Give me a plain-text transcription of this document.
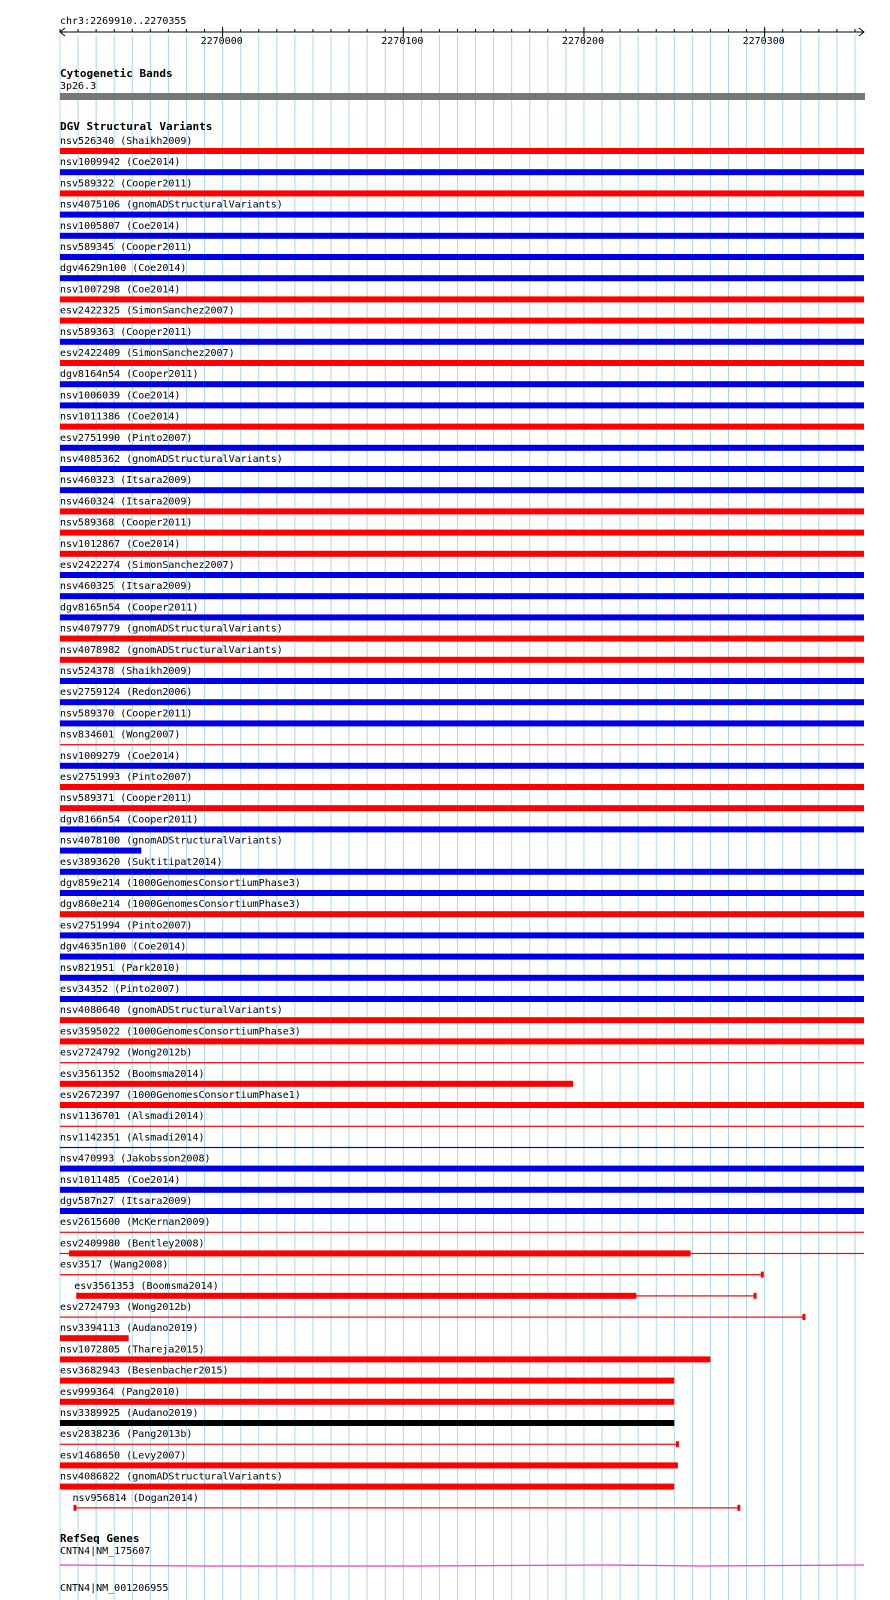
chr3:2269910..2270355
2270000	2270100	2270200	2270300
Cytogenetic Bands
3p26.3
DGV Structural Variants
nsv526340 (Shaikh2009)
nsv1009942 (Coe2014)
nsv589322 (Cooper2011)
nsv4075106 (gnomADStructuralVariants)
nsv1005807 (Coe2014)
nsv589345 (Cooper2011)
dgv4629n100 (Coe2014)
nsv1007298 (Coe2014)
esv2422325 (SimonSanchez2007)
nsv589363 (Cooper2011)
esv2422409 (SimonSanchez2007)
dgv8164n54 (Cooper2011)
nsv1006039 (Coe2014)
nsv1011386 (Coe2014)
esv2751990 (Pinto2007)
nsv4085362 (gnomADStructuralVariants)
nsv460323 (Itsara2009)
nsv460324 (Itsara2009)
nsv589368 (Cooper2011)
nsv1012867 (Coe2014)
esv2422274 (SimonSanchez2007)
nsv460325 (Itsara2009)
dgv8165n54 (Cooper2011)
nsv4079779 (gnomADStructuralVariants)
nsv4078982 (gnomADStructuralVariants)
nsv524378 (Shaikh2009)
esv2759124 (Redon2006)
nsv589370 (Cooper2011)
nsv834601 (Wong2007)
nsv1009279 (Coe2014)
esv2751993 (Pinto2007)
nsv589371 (Cooper2011)
dgv8166n54 (Cooper2011)
nsv4078100 (gnomADStructuralVariants)
esv3893620 (Suktitipat2014)
dgv859e214 (1000GenomesConsortiumPhase3)
dgv860e214 (1000GenomesConsortiumPhase3)
esv2751994 (Pinto2007)
dgv4635n100 (Coe2014)
nsv821951 (Park2010)
esv34352 (Pinto2007)
nsv4080640 (gnomADStructuralVariants)
esv3595022 (1000GenomesConsortiumPhase3)
esv2724792 (Wong2012b)
esv3561352 (Boomsma2014)
esv2672397 (1000GenomesConsortiumPhase1)
nsv1136701 (Alsmadi2014)
nsv1142351 (Alsmadi2014)
nsv470993 (Jakobsson2008)
nsv1011485 (Coe2014)
dgv587n27 (Itsara2009)
esv2615600 (McKernan2009)
esv2409980 (Bentley2008)
esv3517 (Wang2008)
esv3561353 (Boomsma2014)
esv2724793 (Wong2012b)
nsv3394113 (Audano2019)
nsv1072805 (Thareja2015)
esv3682943 (Besenbacher2015)
esv999364 (Pang2010)
nsv3389925 (Audano2019)
esv2838236 (Pang2013b)
esv1468650 (Levy2007)
nsv4086822 (gnomADStructuralVariants)
nsv956814 (Dogan2014)
RefSeq Genes
CNTN4|NM_175607
CNTN4|NM_001206955
